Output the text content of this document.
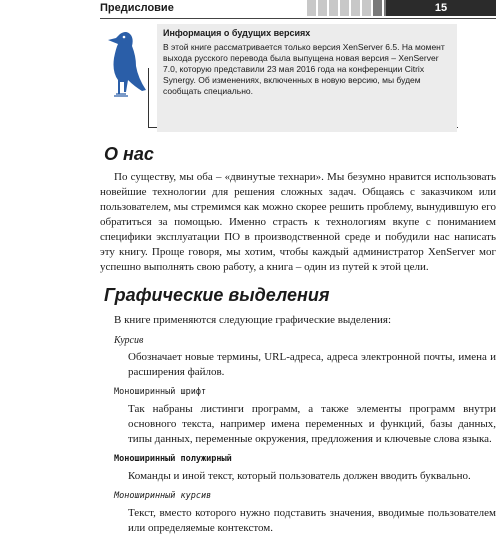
Предисловие	15
Информация о будущих версиях

В этой книге рассматривается только версия XenServer 6.5. На момент выхода русского перевода была выпущена новая версия – XenServer 7.0, которую представили 23 мая 2016 года на конференции Citrix Synergy. Об изменениях, включенных в новую версию, мы будем сообщать специально.

О нас

По существу, мы оба – «двинутые технари». Мы безумно нравится использовать новейшие технологии для решения сложных задач. Общаясь с заказчиком или пользователем, мы стремимся как можно скорее решить проблему, вынудившую его обратиться за помощью. Именно страсть к технологиям вкупе с пониманием специфики эксплуатации ПО в производственной среде и побудили нас написать эту книгу. Проще говоря, мы хотим, чтобы каждый администратор XenServer мог успешно выполнять свою работу, а книга – один из путей к этой цели.

Графические выделения

В книге применяются следующие графические выделения:

Курсив
Обозначает новые термины, URL-адреса, адреса электронной почты, имена и расширения файлов.
Моноширинный шрифт
Так набраны листинги программ, а также элементы программ внутри основного текста, например имена переменных и функций, базы данных, типы данных, переменные окружения, предложения и ключевые слова языка.
Моноширинный полужирный
Команды и иной текст, который пользователь должен вводить буквально.
Моноширинный курсив
Текст, вместо которого нужно подставить значения, вводимые пользователем или определяемые контекстом.
